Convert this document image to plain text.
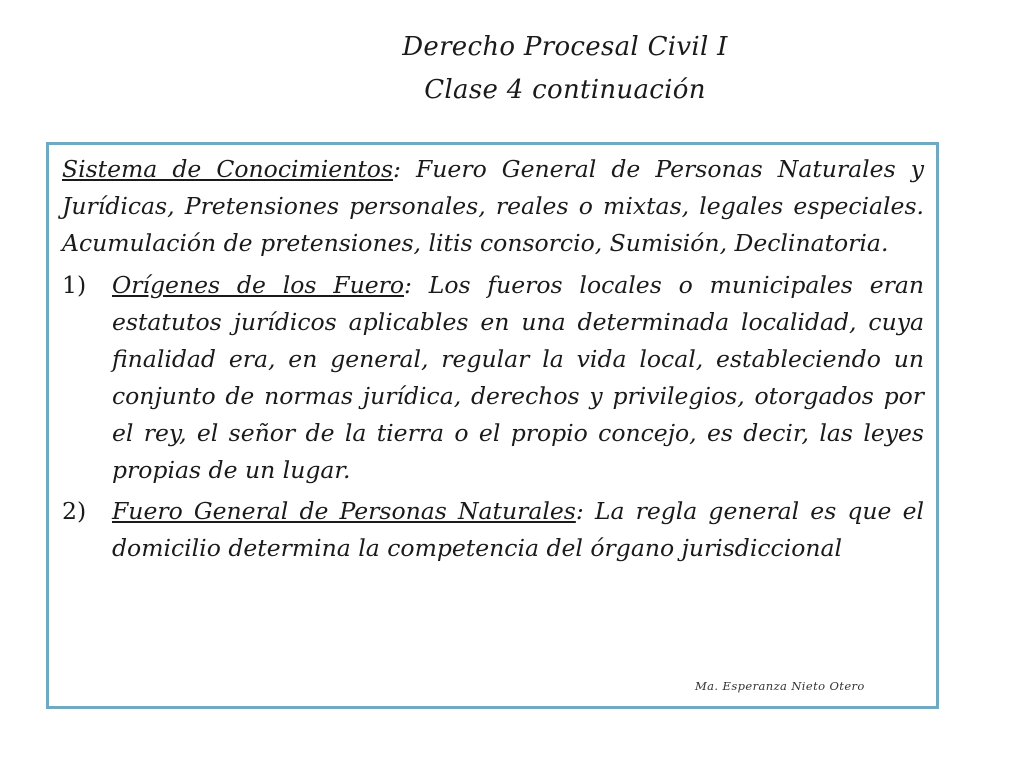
Derecho Procesal Civil I
Clase 4 continuación

Sistema de Conocimientos: Fuero General de Personas Naturales y Jurídicas, Pretensiones personales, reales o mixtas, legales especiales. Acumulación de pretensiones, litis consorcio, Sumisión, Declinatoria.

1)	Orígenes de los Fuero: Los fueros locales o municipales eran estatutos jurídicos aplicables en una determinada localidad, cuya finalidad era, en general, regular la vida local, estableciendo un conjunto de normas jurídica, derechos y privilegios, otorgados por el rey, el señor de la tierra o el propio concejo, es decir, las leyes propias de un lugar.
2)	Fuero General de Personas Naturales: La regla general es que el domicilio determina la competencia del órgano jurisdiccional
Ma. Esperanza Nieto Otero
